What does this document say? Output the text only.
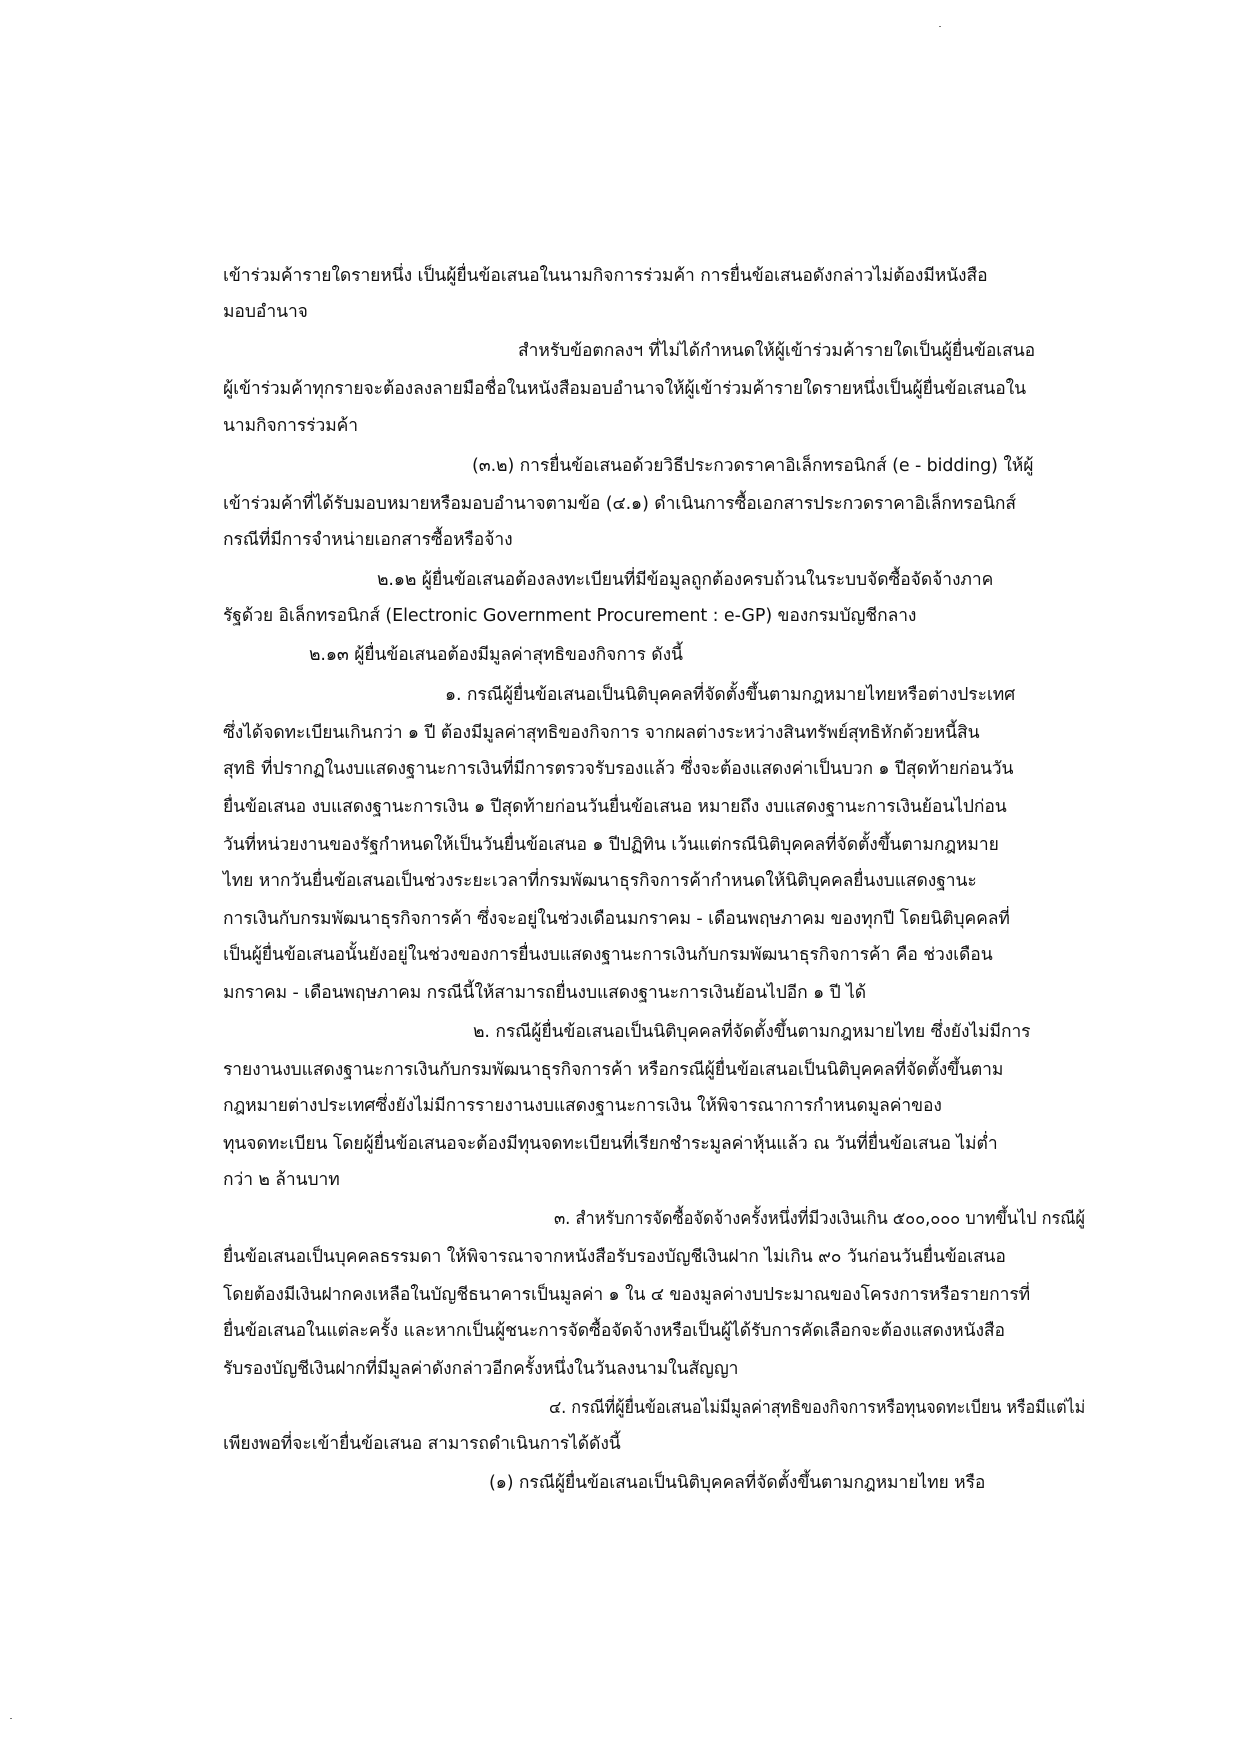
เข้าร่วมค้ารายใดรายหนึ่ง เป็นผู้ยื่นข้อเสนอในนามกิจการร่วมค้า การยื่นข้อเสนอดังกล่าวไม่ต้องมีหนังสือ
มอบอำนาจ
สำหรับข้อตกลงฯ ที่ไม่ได้กำหนดให้ผู้เข้าร่วมค้ารายใดเป็นผู้ยื่นข้อเสนอ
ผู้เข้าร่วมค้าทุกรายจะต้องลงลายมือชื่อในหนังสือมอบอำนาจให้ผู้เข้าร่วมค้ารายใดรายหนึ่งเป็นผู้ยื่นข้อเสนอใน
นามกิจการร่วมค้า
(๓.๒) การยื่นข้อเสนอด้วยวิธีประกวดราคาอิเล็กทรอนิกส์ (e - bidding) ให้ผู้
เข้าร่วมค้าที่ได้รับมอบหมายหรือมอบอำนาจตามข้อ (๔.๑) ดำเนินการซื้อเอกสารประกวดราคาอิเล็กทรอนิกส์
กรณีที่มีการจำหน่ายเอกสารซื้อหรือจ้าง
๒.๑๒ ผู้ยื่นข้อเสนอต้องลงทะเบียนที่มีข้อมูลถูกต้องครบถ้วนในระบบจัดซื้อจัดจ้างภาค
รัฐด้วย อิเล็กทรอนิกส์ (Electronic Government Procurement : e-GP) ของกรมบัญชีกลาง
๒.๑๓ ผู้ยื่นข้อเสนอต้องมีมูลค่าสุทธิของกิจการ ดังนี้
๑. กรณีผู้ยื่นข้อเสนอเป็นนิติบุคคลที่จัดตั้งขึ้นตามกฎหมายไทยหรือต่างประเทศ
ซึ่งได้จดทะเบียนเกินกว่า ๑ ปี ต้องมีมูลค่าสุทธิของกิจการ จากผลต่างระหว่างสินทรัพย์สุทธิหักด้วยหนี้สิน
สุทธิ ที่ปรากฏในงบแสดงฐานะการเงินที่มีการตรวจรับรองแล้ว ซึ่งจะต้องแสดงค่าเป็นบวก ๑ ปีสุดท้ายก่อนวัน
ยื่นข้อเสนอ งบแสดงฐานะการเงิน ๑ ปีสุดท้ายก่อนวันยื่นข้อเสนอ หมายถึง งบแสดงฐานะการเงินย้อนไปก่อน
วันที่หน่วยงานของรัฐกำหนดให้เป็นวันยื่นข้อเสนอ ๑ ปีปฏิทิน เว้นแต่กรณีนิติบุคคลที่จัดตั้งขึ้นตามกฎหมาย
ไทย หากวันยื่นข้อเสนอเป็นช่วงระยะเวลาที่กรมพัฒนาธุรกิจการค้ากำหนดให้นิติบุคคลยื่นงบแสดงฐานะ
การเงินกับกรมพัฒนาธุรกิจการค้า ซึ่งจะอยู่ในช่วงเดือนมกราคม - เดือนพฤษภาคม ของทุกปี โดยนิติบุคคลที่
เป็นผู้ยื่นข้อเสนอนั้นยังอยู่ในช่วงของการยื่นงบแสดงฐานะการเงินกับกรมพัฒนาธุรกิจการค้า คือ ช่วงเดือน
มกราคม - เดือนพฤษภาคม กรณีนี้ให้สามารถยื่นงบแสดงฐานะการเงินย้อนไปอีก ๑ ปี ได้
๒. กรณีผู้ยื่นข้อเสนอเป็นนิติบุคคลที่จัดตั้งขึ้นตามกฎหมายไทย ซึ่งยังไม่มีการ
รายงานงบแสดงฐานะการเงินกับกรมพัฒนาธุรกิจการค้า หรือกรณีผู้ยื่นข้อเสนอเป็นนิติบุคคลที่จัดตั้งขึ้นตาม
กฎหมายต่างประเทศซึ่งยังไม่มีการรายงานงบแสดงฐานะการเงิน ให้พิจารณาการกำหนดมูลค่าของ
ทุนจดทะเบียน โดยผู้ยื่นข้อเสนอจะต้องมีทุนจดทะเบียนที่เรียกชำระมูลค่าหุ้นแล้ว ณ วันที่ยื่นข้อเสนอ ไม่ต่ำ
กว่า ๒ ล้านบาท
๓. สำหรับการจัดซื้อจัดจ้างครั้งหนึ่งที่มีวงเงินเกิน ๕๐๐,๐๐๐ บาทขึ้นไป กรณีผู้
ยื่นข้อเสนอเป็นบุคคลธรรมดา ให้พิจารณาจากหนังสือรับรองบัญชีเงินฝาก ไม่เกิน ๙๐ วันก่อนวันยื่นข้อเสนอ
โดยต้องมีเงินฝากคงเหลือในบัญชีธนาคารเป็นมูลค่า ๑ ใน ๔ ของมูลค่างบประมาณของโครงการหรือรายการที่
ยื่นข้อเสนอในแต่ละครั้ง และหากเป็นผู้ชนะการจัดซื้อจัดจ้างหรือเป็นผู้ได้รับการคัดเลือกจะต้องแสดงหนังสือ
รับรองบัญชีเงินฝากที่มีมูลค่าดังกล่าวอีกครั้งหนึ่งในวันลงนามในสัญญา
๔. กรณีที่ผู้ยื่นข้อเสนอไม่มีมูลค่าสุทธิของกิจการหรือทุนจดทะเบียน หรือมีแต่ไม่
เพียงพอที่จะเข้ายื่นข้อเสนอ สามารถดำเนินการได้ดังนี้
(๑) กรณีผู้ยื่นข้อเสนอเป็นนิติบุคคลที่จัดตั้งขึ้นตามกฎหมายไทย หรือ
